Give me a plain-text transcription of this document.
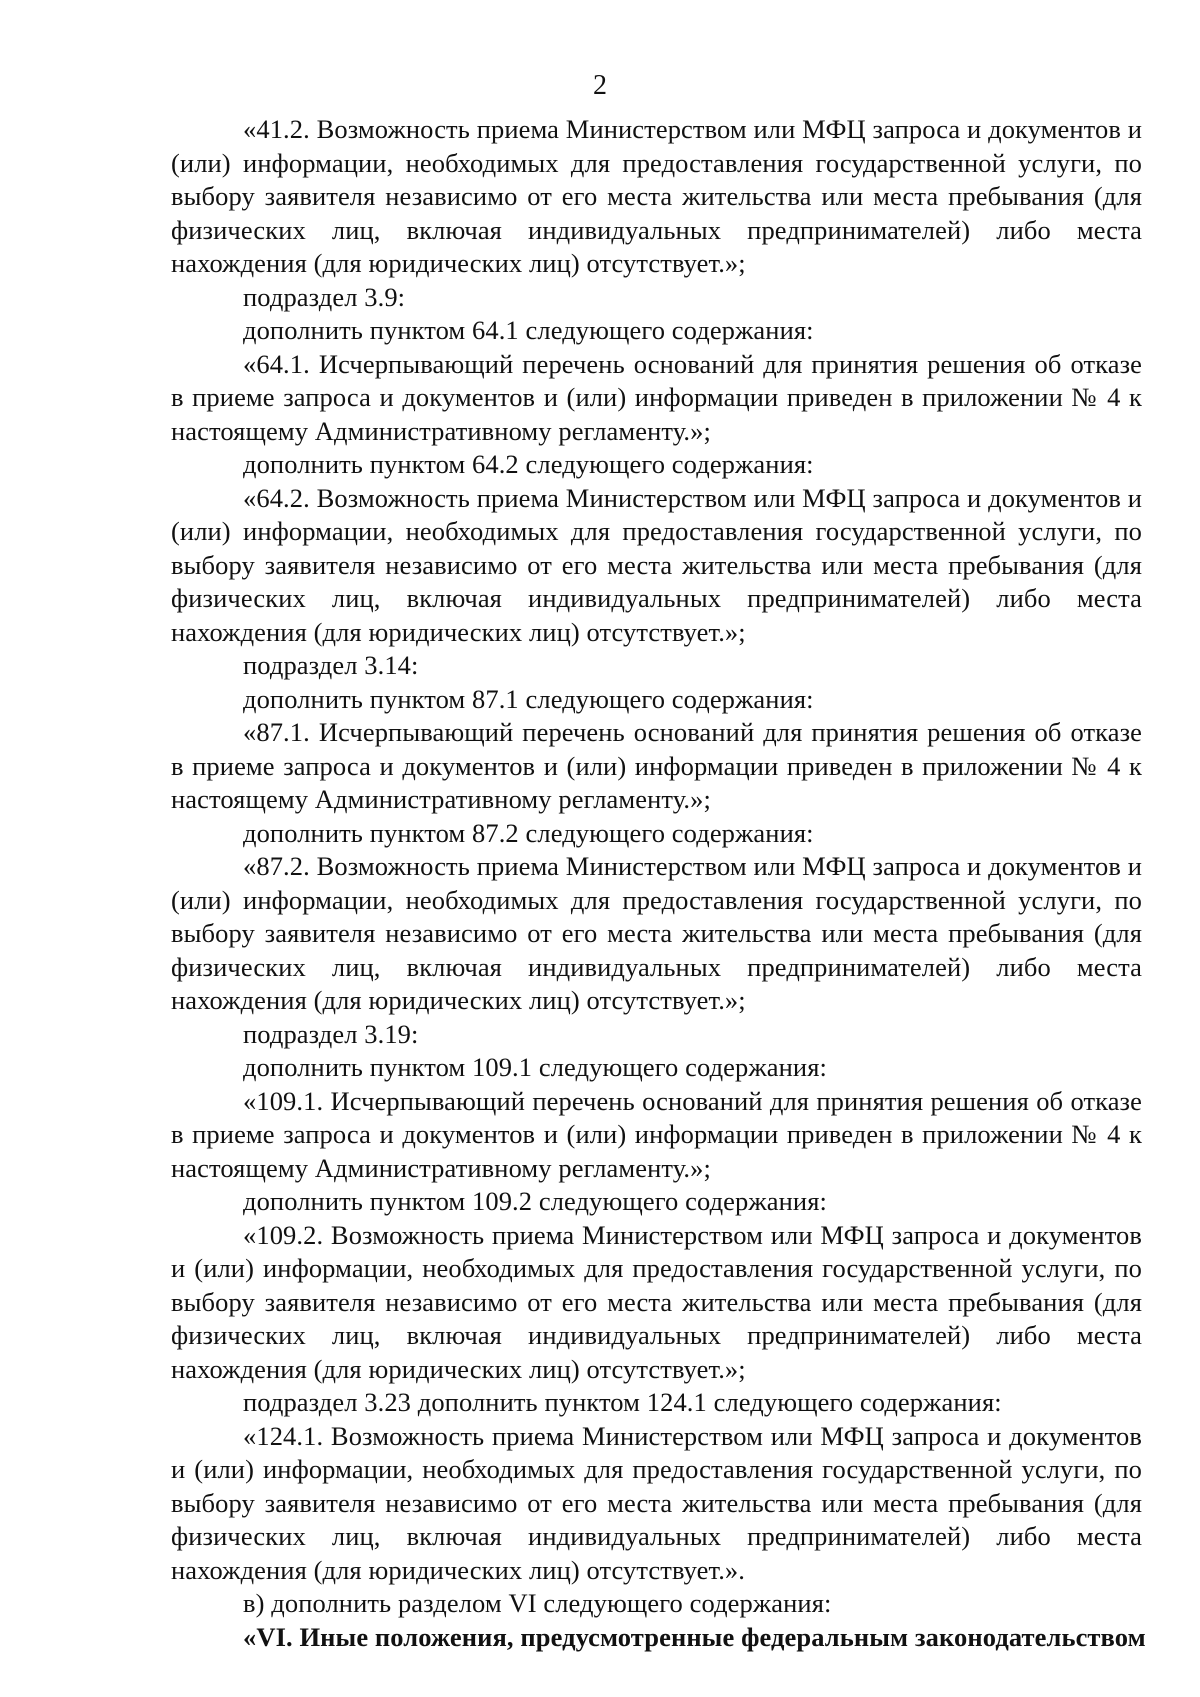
2

«41.2. Возможность приема Министерством или МФЦ запроса и документов и (или) информации, необходимых для предоставления государственной услуги, по выбору заявителя независимо от его места жительства или места пребывания (для физических лиц, включая индивидуальных предпринимателей) либо места нахождения (для юридических лиц) отсутствует.»;

подраздел 3.9:

дополнить пунктом 64.1 следующего содержания:

«64.1. Исчерпывающий перечень оснований для принятия решения об отказе в приеме запроса и документов и (или) информации приведен в приложении № 4 к настоящему Административному регламенту.»;

дополнить пунктом 64.2 следующего содержания:

«64.2. Возможность приема Министерством или МФЦ запроса и документов и (или) информации, необходимых для предоставления государственной услуги, по выбору заявителя независимо от его места жительства или места пребывания (для физических лиц, включая индивидуальных предпринимателей) либо места нахождения (для юридических лиц) отсутствует.»;

подраздел 3.14:

дополнить пунктом 87.1 следующего содержания:

«87.1. Исчерпывающий перечень оснований для принятия решения об отказе в приеме запроса и документов и (или) информации приведен в приложении № 4 к настоящему Административному регламенту.»;

дополнить пунктом 87.2 следующего содержания:

«87.2. Возможность приема Министерством или МФЦ запроса и документов и (или) информации, необходимых для предоставления государственной услуги, по выбору заявителя независимо от его места жительства или места пребывания (для физических лиц, включая индивидуальных предпринимателей) либо места нахождения (для юридических лиц) отсутствует.»;

подраздел 3.19:

дополнить пунктом 109.1 следующего содержания:

«109.1. Исчерпывающий перечень оснований для принятия решения об отказе в приеме запроса и документов и (или) информации приведен в приложении № 4 к настоящему Административному регламенту.»;

дополнить пунктом 109.2 следующего содержания:

«109.2. Возможность приема Министерством или МФЦ запроса и документов и (или) информации, необходимых для предоставления государственной услуги, по выбору заявителя независимо от его места жительства или места пребывания (для физических лиц, включая индивидуальных предпринимателей) либо места нахождения (для юридических лиц) отсутствует.»;

подраздел 3.23 дополнить пунктом 124.1 следующего содержания:

«124.1. Возможность приема Министерством или МФЦ запроса и документов и (или) информации, необходимых для предоставления государственной услуги, по выбору заявителя независимо от его места жительства или места пребывания (для физических лиц, включая индивидуальных предпринимателей) либо места нахождения (для юридических лиц) отсутствует.».

в) дополнить разделом VI следующего содержания:

«VI. Иные положения, предусмотренные федеральным законодательством
